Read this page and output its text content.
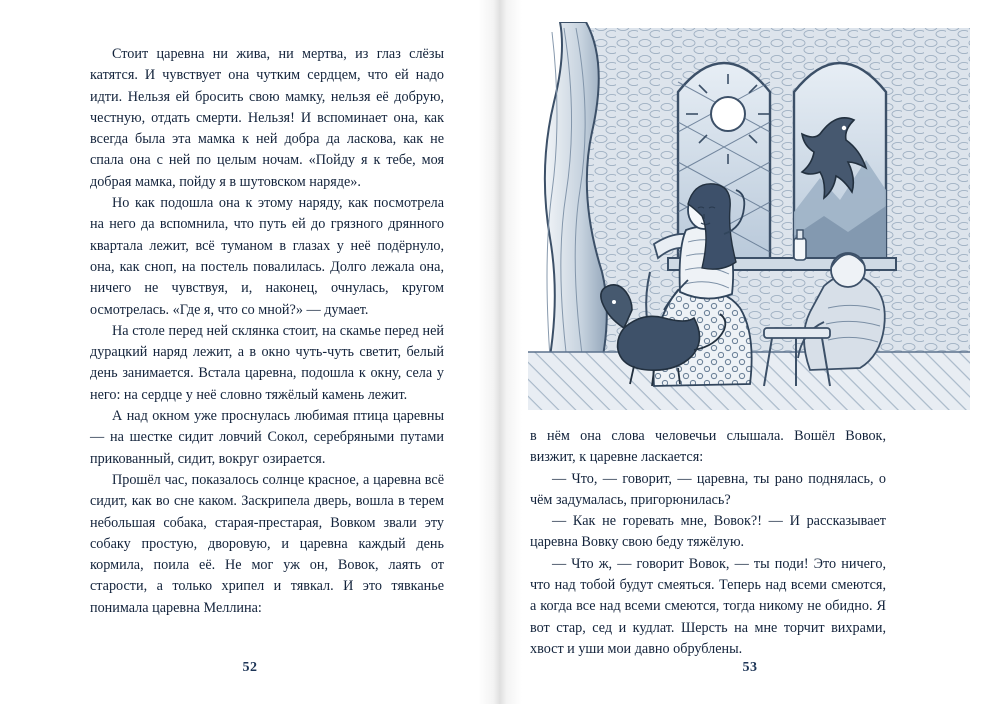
Стоит царевна ни жива, ни мертва, из глаз слёзы катятся. И чувствует она чутким сердцем, что ей надо идти. Нельзя ей бросить свою мамку, нельзя её добрую, честную, отдать смерти. Нельзя! И вспоминает она, как всегда была эта мамка к ней добра да ласкова, как не спала она с ней по целым ночам. «Пойду я к тебе, моя добрая мамка, пойду я в шутовском наряде».

Но как подошла она к этому наряду, как посмотрела на него да вспомнила, что путь ей до грязного дрянного квартала лежит, всё туманом в глазах у неё подёрнуло, она, как сноп, на постель повалилась. Долго лежала она, ничего не чувствуя, и, наконец, очнулась, кругом осмотрелась. «Где я, что со мной?» — думает.

На столе перед ней склянка стоит, на скамье перед ней дурацкий наряд лежит, а в окно чуть-чуть светит, белый день занимается. Встала царевна, подошла к окну, села у него: на сердце у неё словно тяжёлый камень лежит.

А над окном уже проснулась любимая птица царевны — на шестке сидит ловчий Сокол, серебряными путами прикованный, сидит, вокруг озирается.

Прошёл час, показалось солнце красное, а царевна всё сидит, как во сне каком. Заскрипела дверь, вошла в терем небольшая собака, старая-престарая, Вовком звали эту собаку простую, дворовую, и царевна каждый день кормила, поила её. Не мог уж он, Вовок, лаять от старости, а только хрипел и тявкал. И это тявканье понимала царевна Меллина:

52

в нём она слова человечьи слышала. Вошёл Вовок, визжит, к царевне ласкается:

— Что, — говорит, — царевна, ты рано поднялась, о чём задумалась, пригорюнилась?

— Как не горевать мне, Вовок?! — И рассказывает царевна Вовку свою беду тяжёлую.

— Что ж, — говорит Вовок, — ты поди! Это ничего, что над тобой будут смеяться. Теперь над всеми смеются, а когда все над всеми смеются, тогда никому не обидно. Я вот стар, сед и кудлат. Шерсть на мне торчит вихрами, хвост и уши мои давно обрублены.

53
